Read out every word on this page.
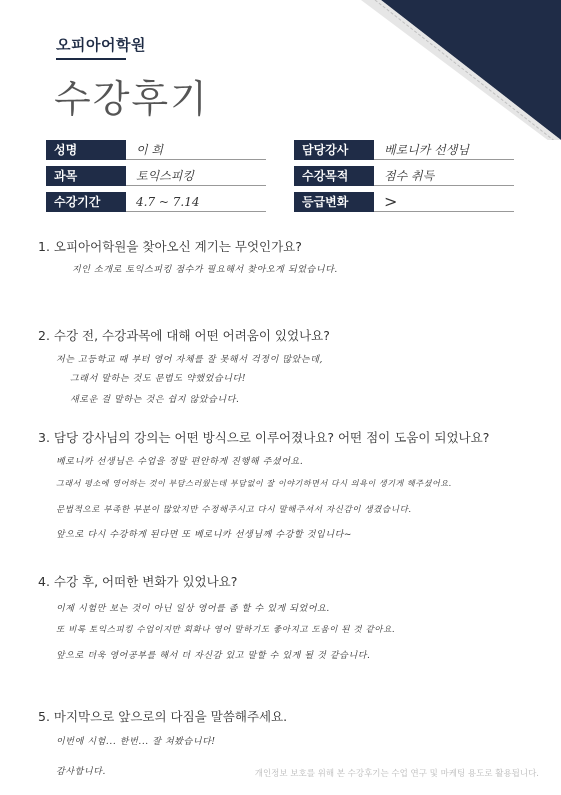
오피아어학원
수강후기
성명	이 희	담당강사	베로니카 선생님
과목	토익스피킹	수강목적	점수 취득
수강기간	4.7 ~ 7.14	등급변화	>
1. 오피아어학원을 찾아오신 계기는 무엇인가요?
지인 소개로 토익스피킹 점수가 필요해서 찾아오게 되었습니다.
2. 수강 전, 수강과목에 대해 어떤 어려움이 있었나요?
저는 고등학교 때 부터 영어 자체를 잘 못해서 걱정이 많았는데,
그래서 말하는 것도 문법도 약했었습니다!
새로운 걸 말하는 것은 쉽지 않았습니다.
3. 담당 강사님의 강의는 어떤 방식으로 이루어졌나요? 어떤 점이 도움이 되었나요?
베로니카 선생님은 수업을 정말 편안하게 진행해 주셨어요.
그래서 평소에 영어하는 것이 부담스러웠는데 부담없이 잘 이야기하면서 다시 의욕이 생기게 해주셨어요.
문법적으로 부족한 부분이 많았지만 수정해주시고 다시 말해주셔서 자신감이 생겼습니다.
앞으로 다시 수강하게 된다면 또 베로니카 선생님께 수강할 것입니다~
4. 수강 후, 어떠한 변화가 있었나요?
이제 시험만 보는 것이 아닌 일상 영어를 좀 할 수 있게 되었어요.
또 비록 토익스피킹 수업이지만 회화나 영어 말하기도 좋아지고 도움이 된 것 같아요.
앞으로 더욱 영어공부를 해서 더 자신감 있고 말할 수 있게 될 것 같습니다.
5. 마지막으로 앞으로의 다짐을 말씀해주세요.
이번에 시험... 한번... 잘 쳐봤습니다!
감사합니다.	개인정보 보호를 위해 본 수강후기는 수업 연구 및 마케팅 용도로 활용됩니다.
